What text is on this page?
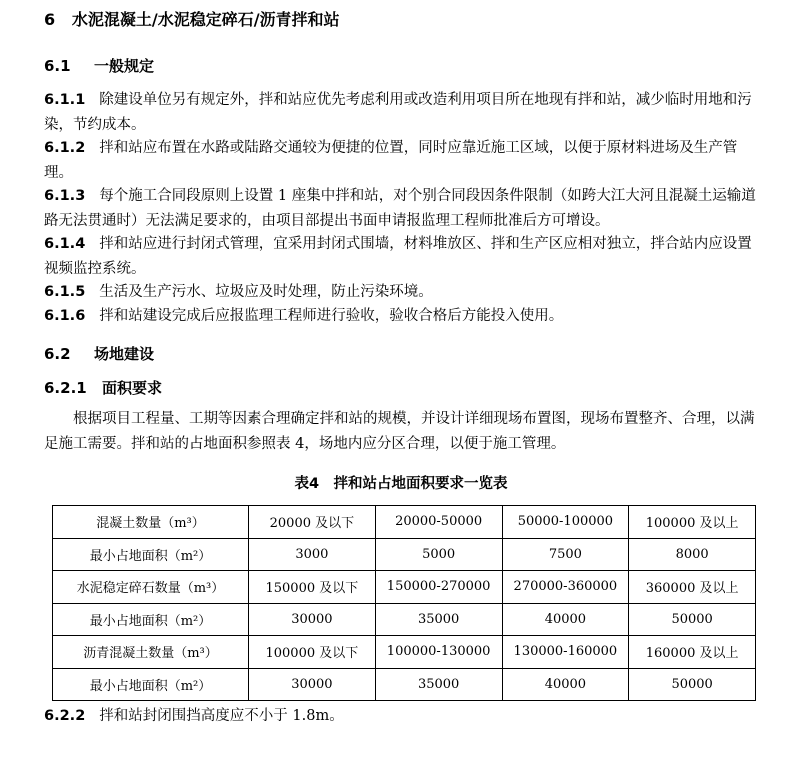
6 水泥混凝土/水泥稳定碎石/沥青拌和站
6.1 一般规定
6.1.1 除建设单位另有规定外，拌和站应优先考虑利用或改造利用项目所在地现有拌和站，减少临时用地和污染，节约成本。
6.1.2 拌和站应布置在水路或陆路交通较为便捷的位置，同时应靠近施工区域，以便于原材料进场及生产管理。
6.1.3 每个施工合同段原则上设置 1 座集中拌和站，对个别合同段因条件限制（如跨大江大河且混凝土运输道路无法贯通时）无法满足要求的，由项目部提出书面申请报监理工程师批准后方可增设。
6.1.4 拌和站应进行封闭式管理，宜采用封闭式围墙，材料堆放区、拌和生产区应相对独立，拌合站内应设置视频监控系统。
6.1.5 生活及生产污水、垃圾应及时处理，防止污染环境。
6.1.6 拌和站建设完成后应报监理工程师进行验收，验收合格后方能投入使用。
6.2 场地建设
6.2.1 面积要求
根据项目工程量、工期等因素合理确定拌和站的规模，并设计详细现场布置图，现场布置整齐、合理，以满足施工需要。拌和站的占地面积参照表 4，场地内应分区合理，以便于施工管理。
表4　拌和站占地面积要求一览表
混凝土数量（m³）	20000 及以下	20000-50000	50000-100000	100000 及以上
最小占地面积（m²）	3000	5000	7500	8000
水泥稳定碎石数量（m³）	150000 及以下	150000-270000	270000-360000	360000 及以上
最小占地面积（m²）	30000	35000	40000	50000
沥青混凝土数量（m³）	100000 及以下	100000-130000	130000-160000	160000 及以上
最小占地面积（m²）	30000	35000	40000	50000
6.2.2 拌和站封闭围挡高度应不小于 1.8m。
